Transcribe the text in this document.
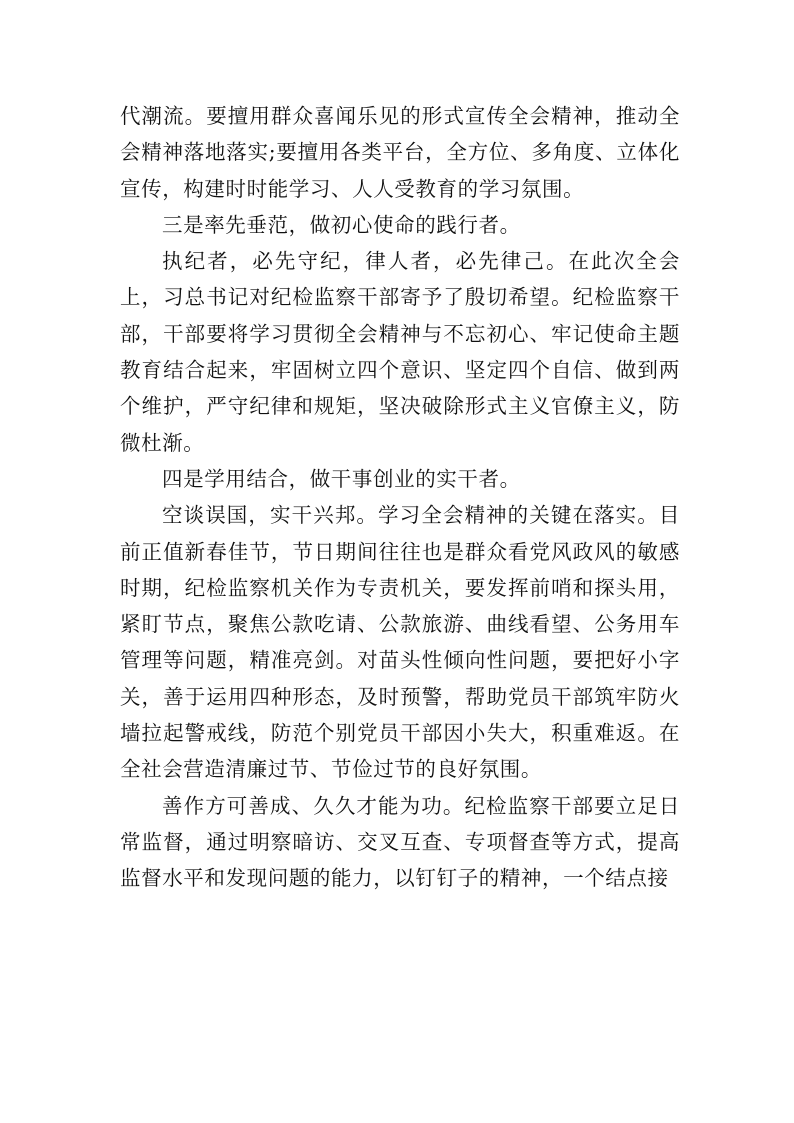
代潮流。要擅用群众喜闻乐见的形式宣传全会精神，推动全会精神落地落实;要擅用各类平台，全方位、多角度、立体化宣传，构建时时能学习、人人受教育的学习氛围。

三是率先垂范，做初心使命的践行者。

执纪者，必先守纪，律人者，必先律己。在此次全会上，习总书记对纪检监察干部寄予了殷切希望。纪检监察干部，干部要将学习贯彻全会精神与不忘初心、牢记使命主题教育结合起来，牢固树立四个意识、坚定四个自信、做到两个维护，严守纪律和规矩，坚决破除形式主义官僚主义，防微杜渐。

四是学用结合，做干事创业的实干者。

空谈误国，实干兴邦。学习全会精神的关键在落实。目前正值新春佳节，节日期间往往也是群众看党风政风的敏感时期，纪检监察机关作为专责机关，要发挥前哨和探头用，紧盯节点，聚焦公款吃请、公款旅游、曲线看望、公务用车管理等问题，精准亮剑。对苗头性倾向性问题，要把好小字关，善于运用四种形态，及时预警，帮助党员干部筑牢防火墙拉起警戒线，防范个别党员干部因小失大，积重难返。在全社会营造清廉过节、节俭过节的良好氛围。

善作方可善成、久久才能为功。纪检监察干部要立足日常监督，通过明察暗访、交叉互查、专项督查等方式，提高监督水平和发现问题的能力，以钉钉子的精神，一个结点接
